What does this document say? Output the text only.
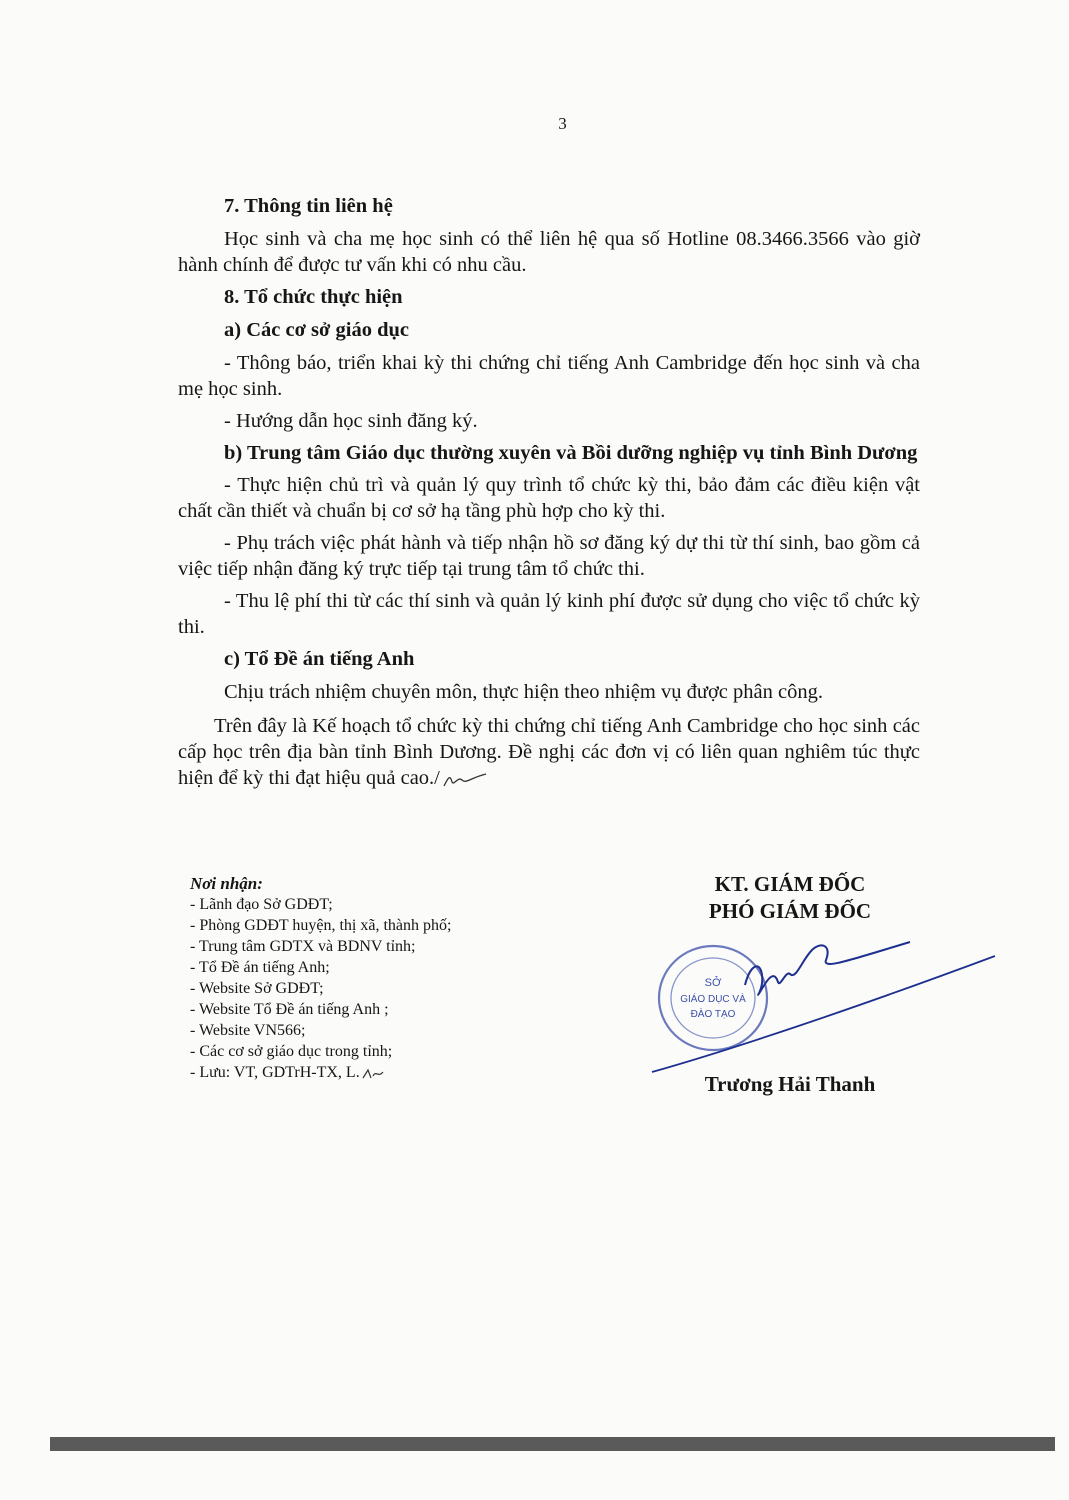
3

7. Thông tin liên hệ

Học sinh và cha mẹ học sinh có thể liên hệ qua số Hotline 08.3466.3566 vào giờ hành chính để được tư vấn khi có nhu cầu.

8. Tổ chức thực hiện

a) Các cơ sở giáo dục

- Thông báo, triển khai kỳ thi chứng chỉ tiếng Anh Cambridge đến học sinh và cha mẹ học sinh.

- Hướng dẫn học sinh đăng ký.

b) Trung tâm Giáo dục thường xuyên và Bồi dưỡng nghiệp vụ tỉnh Bình Dương

- Thực hiện chủ trì và quản lý quy trình tổ chức kỳ thi, bảo đảm các điều kiện vật chất cần thiết và chuẩn bị cơ sở hạ tầng phù hợp cho kỳ thi.

- Phụ trách việc phát hành và tiếp nhận hồ sơ đăng ký dự thi từ thí sinh, bao gồm cả việc tiếp nhận đăng ký trực tiếp tại trung tâm tổ chức thi.

- Thu lệ phí thi từ các thí sinh và quản lý kinh phí được sử dụng cho việc tổ chức kỳ thi.

c) Tổ Đề án tiếng Anh

Chịu trách nhiệm chuyên môn, thực hiện theo nhiệm vụ được phân công.

Trên đây là Kế hoạch tổ chức kỳ thi chứng chỉ tiếng Anh Cambridge cho học sinh các cấp học trên địa bàn tỉnh Bình Dương. Đề nghị các đơn vị có liên quan nghiêm túc thực hiện để kỳ thi đạt hiệu quả cao./

Nơi nhận:
- Lãnh đạo Sở GDĐT;
- Phòng GDĐT huyện, thị xã, thành phố;
- Trung tâm GDTX và BDNV tỉnh;
- Tổ Đề án tiếng Anh;
- Website Sở GDĐT;
- Website Tổ Đề án tiếng Anh ;
- Website VN566;
- Các cơ sở giáo dục trong tỉnh;
- Lưu: VT, GDTrH-TX, L.
KT. GIÁM ĐỐC
PHÓ GIÁM ĐỐC
SỞ
GIÁO DỤC VÀ
ĐÀO TẠO
Trương Hải Thanh
